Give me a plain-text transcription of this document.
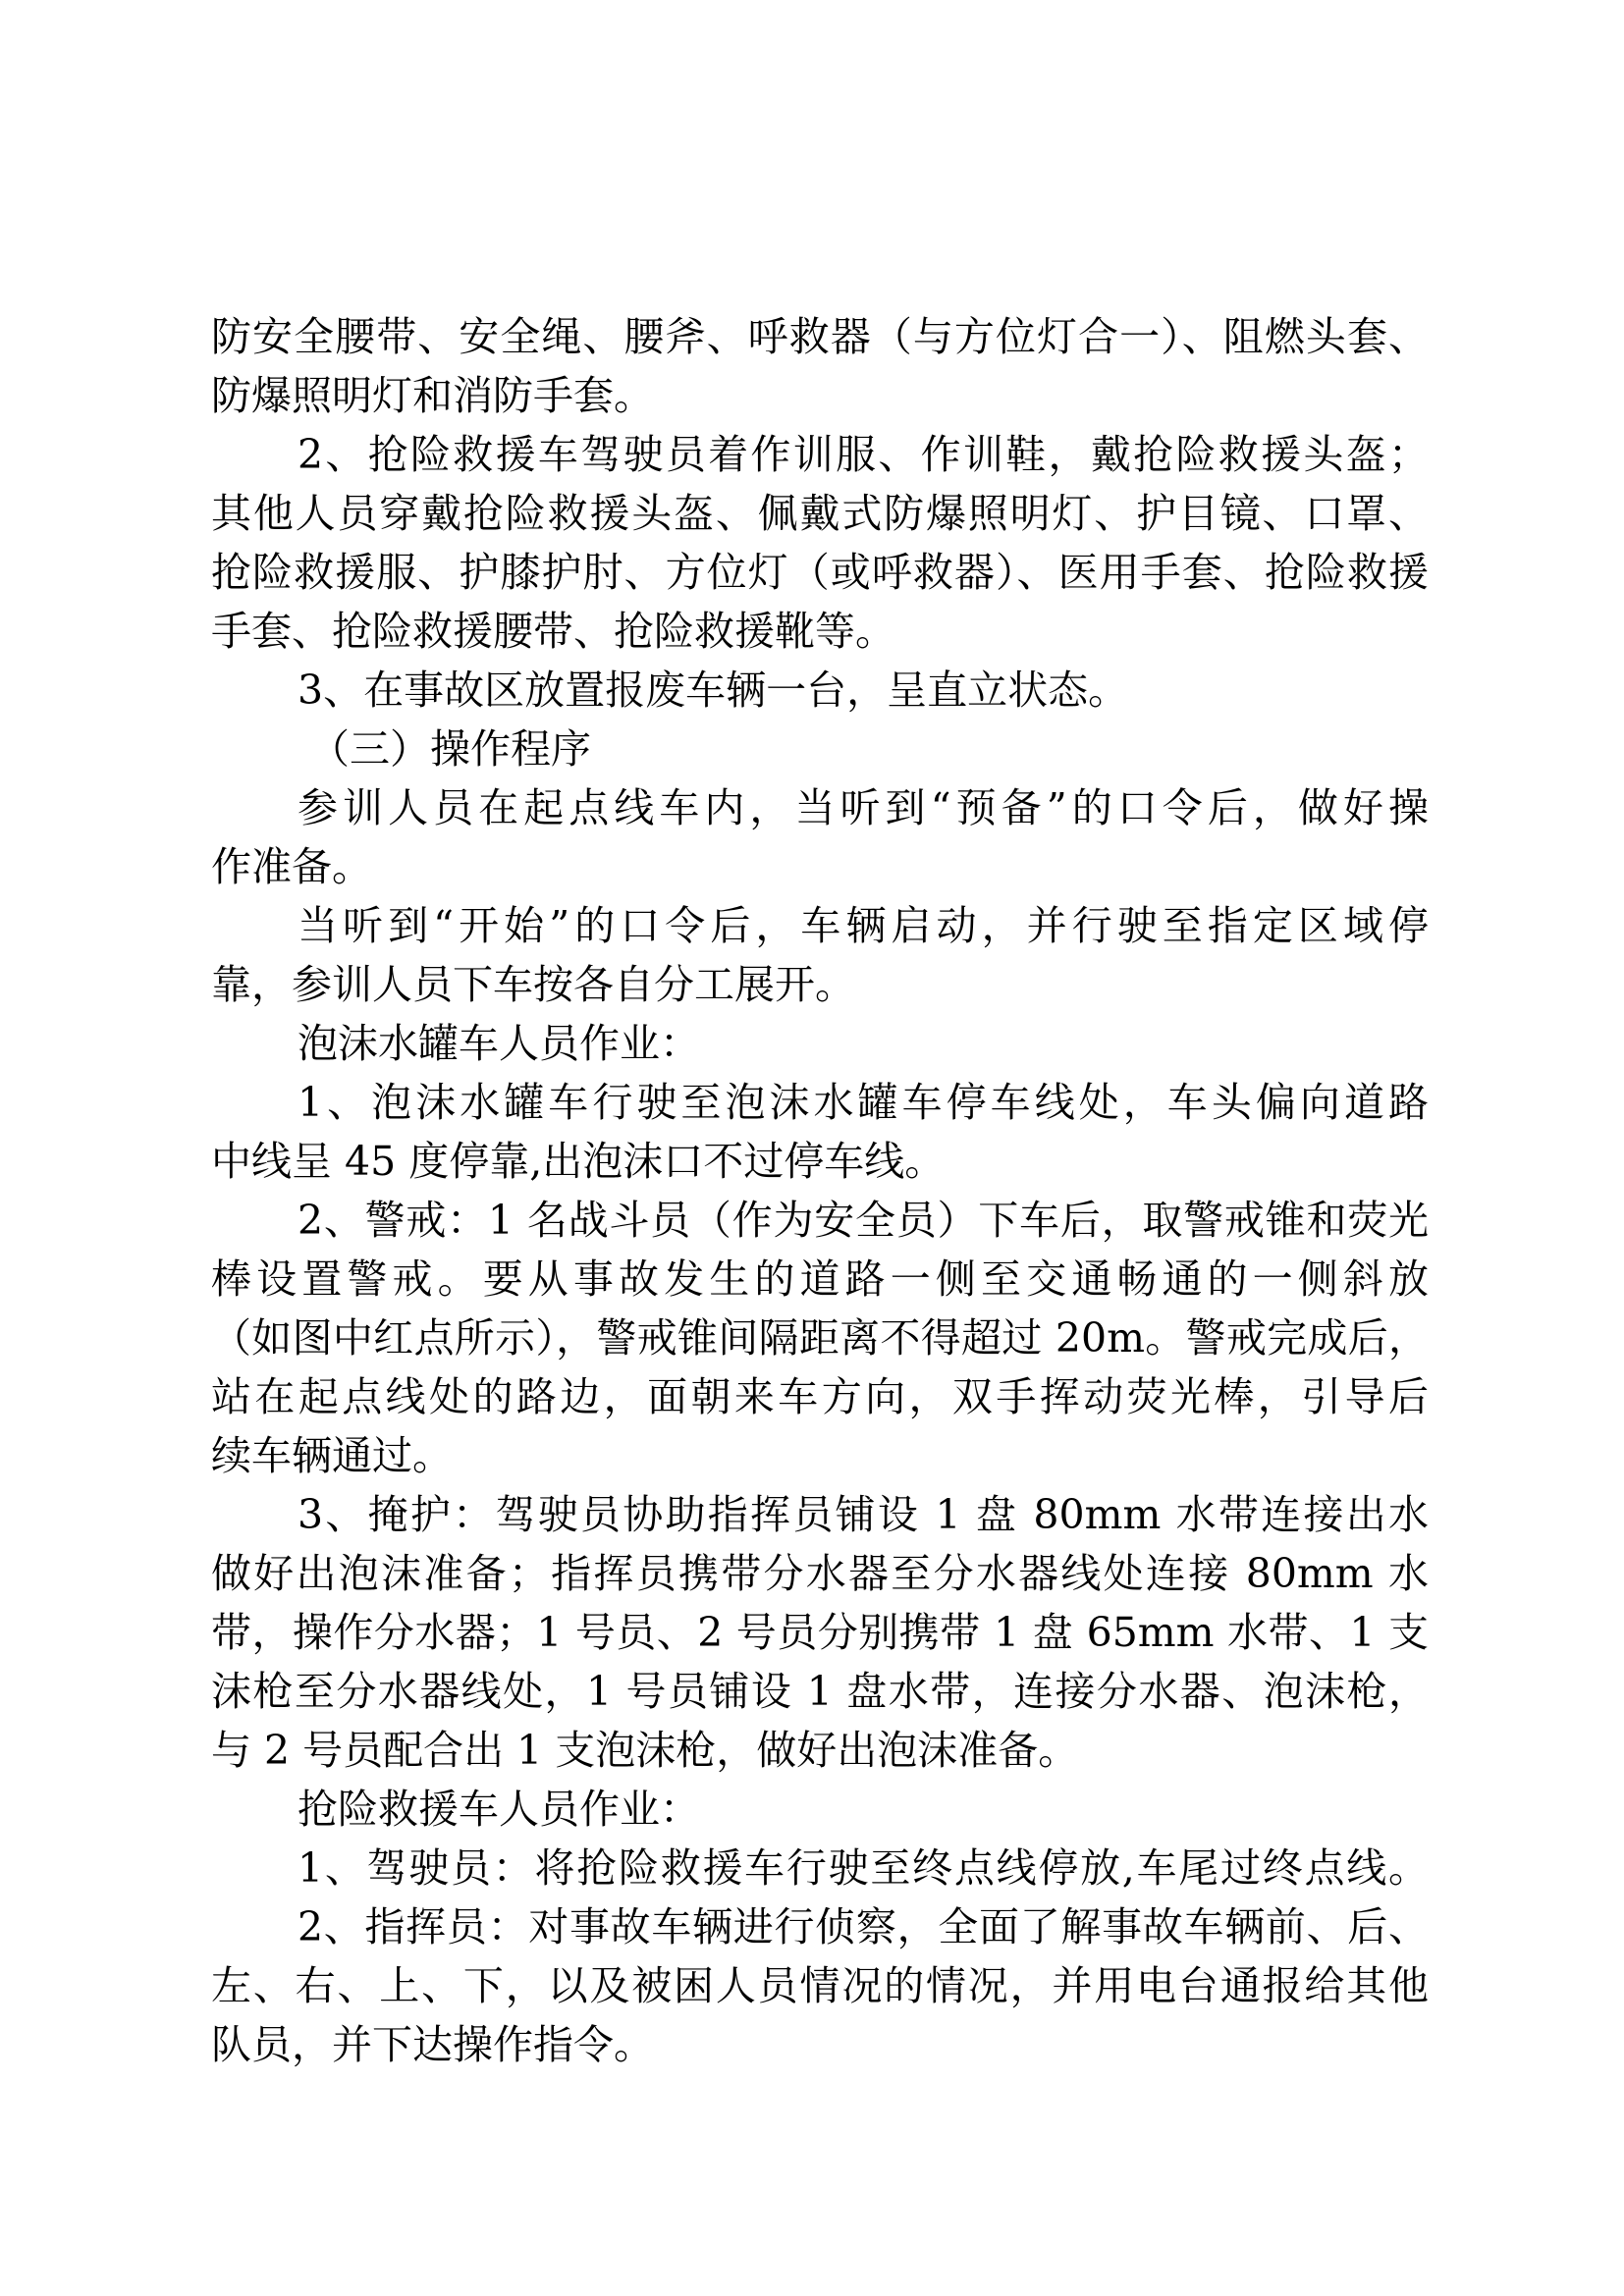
防安全腰带、安全绳、腰斧、呼救器（与方位灯合一）、阻燃头套、
防爆照明灯和消防手套。
2、抢险救援车驾驶员着作训服、作训鞋，戴抢险救援头盔；
其他人员穿戴抢险救援头盔、佩戴式防爆照明灯、护目镜、口罩、
抢险救援服、护膝护肘、方位灯（或呼救器）、医用手套、抢险救援
手套、抢险救援腰带、抢险救援靴等。
3、在事故区放置报废车辆一台，呈直立状态。
（三）操作程序
参训人员在起点线车内，当听到“预备”的口令后，做好操
作准备。
当听到“开始”的口令后，车辆启动，并行驶至指定区域停
靠，参训人员下车按各自分工展开。
泡沫水罐车人员作业：
1、泡沫水罐车行驶至泡沫水罐车停车线处，车头偏向道路
中线呈 45 度停靠,出泡沫口不过停车线。
2、警戒：1 名战斗员（作为安全员）下车后，取警戒锥和荧光
棒设置警戒。要从事故发生的道路一侧至交通畅通的一侧斜放
（如图中红点所示），警戒锥间隔距离不得超过 20m。警戒完成后，
站在起点线处的路边，面朝来车方向，双手挥动荧光棒，引导后
续车辆通过。
3、掩护：驾驶员协助指挥员铺设 1 盘 80mm 水带连接出水
做好出泡沫准备；指挥员携带分水器至分水器线处连接 80mm 水
带，操作分水器；1 号员、2 号员分别携带 1 盘 65mm 水带、1 支
沫枪至分水器线处，1 号员铺设 1 盘水带，连接分水器、泡沫枪，
与 2 号员配合出 1 支泡沫枪，做好出泡沫准备。
抢险救援车人员作业：
1、驾驶员：将抢险救援车行驶至终点线停放,车尾过终点线。
2、指挥员：对事故车辆进行侦察，全面了解事故车辆前、后、
左、右、上、下，以及被困人员情况的情况，并用电台通报给其他
队员，并下达操作指令。
